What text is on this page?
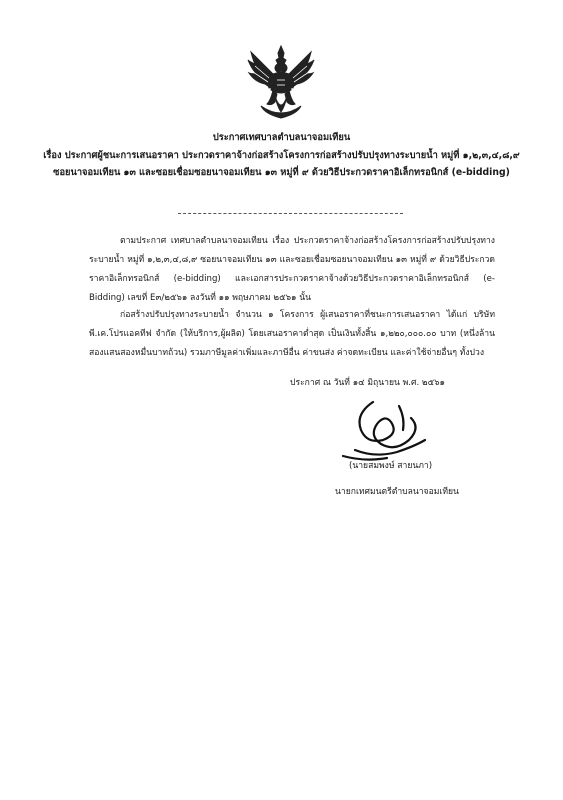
ประกาศเทศบาลตำบลนาจอมเทียน
เรื่อง ประกาศผู้ชนะการเสนอราคา ประกวดราคาจ้างก่อสร้างโครงการก่อสร้างปรับปรุงทางระบายน้ำ หมู่ที่ ๑,๒,๓,๔,๘,๙ ซอยนาจอมเทียน ๑๓ และซอยเชื่อมซอยนาจอมเทียน ๑๓ หมู่ที่ ๙ ด้วยวิธีประกวดราคาอิเล็กทรอนิกส์ (e-bidding)
ตามประกาศ เทศบาลตำบลนาจอมเทียน เรื่อง ประกวดราคาจ้างก่อสร้างโครงการก่อสร้างปรับปรุงทางระบายน้ำ หมู่ที่ ๑,๒,๓,๔,๘,๙ ซอยนาจอมเทียน ๑๓ และซอยเชื่อมซอยนาจอมเทียน ๑๓ หมู่ที่ ๙ ด้วยวิธีประกวดราคาอิเล็กทรอนิกส์ (e-bidding) และเอกสารประกวดราคาจ้างด้วยวิธีประกวดราคาอิเล็กทรอนิกส์ (e-Bidding) เลขที่ E๓/๒๕๖๑ ลงวันที่ ๑๑ พฤษภาคม ๒๕๖๑ นั้น
ก่อสร้างปรับปรุงทางระบายน้ำ จำนวน ๑ โครงการ ผู้เสนอราคาที่ชนะการเสนอราคา ได้แก่ บริษัท พี.เค.โปรแอคทีฟ จำกัด (ให้บริการ,ผู้ผลิต) โดยเสนอราคาต่ำสุด เป็นเงินทั้งสิ้น ๑,๒๒๐,๐๐๐.๐๐ บาท (หนึ่งล้านสองแสนสองหมื่นบาทถ้วน) รวมภาษีมูลค่าเพิ่มและภาษีอื่น ค่าขนส่ง ค่าจดทะเบียน และค่าใช้จ่ายอื่นๆ ทั้งปวง
ประกาศ ณ วันที่ ๑๔ มิถุนายน พ.ศ. ๒๕๖๑
(นายสมพงษ์ สายนภา)
นายกเทศมนตรีตำบลนาจอมเทียน
